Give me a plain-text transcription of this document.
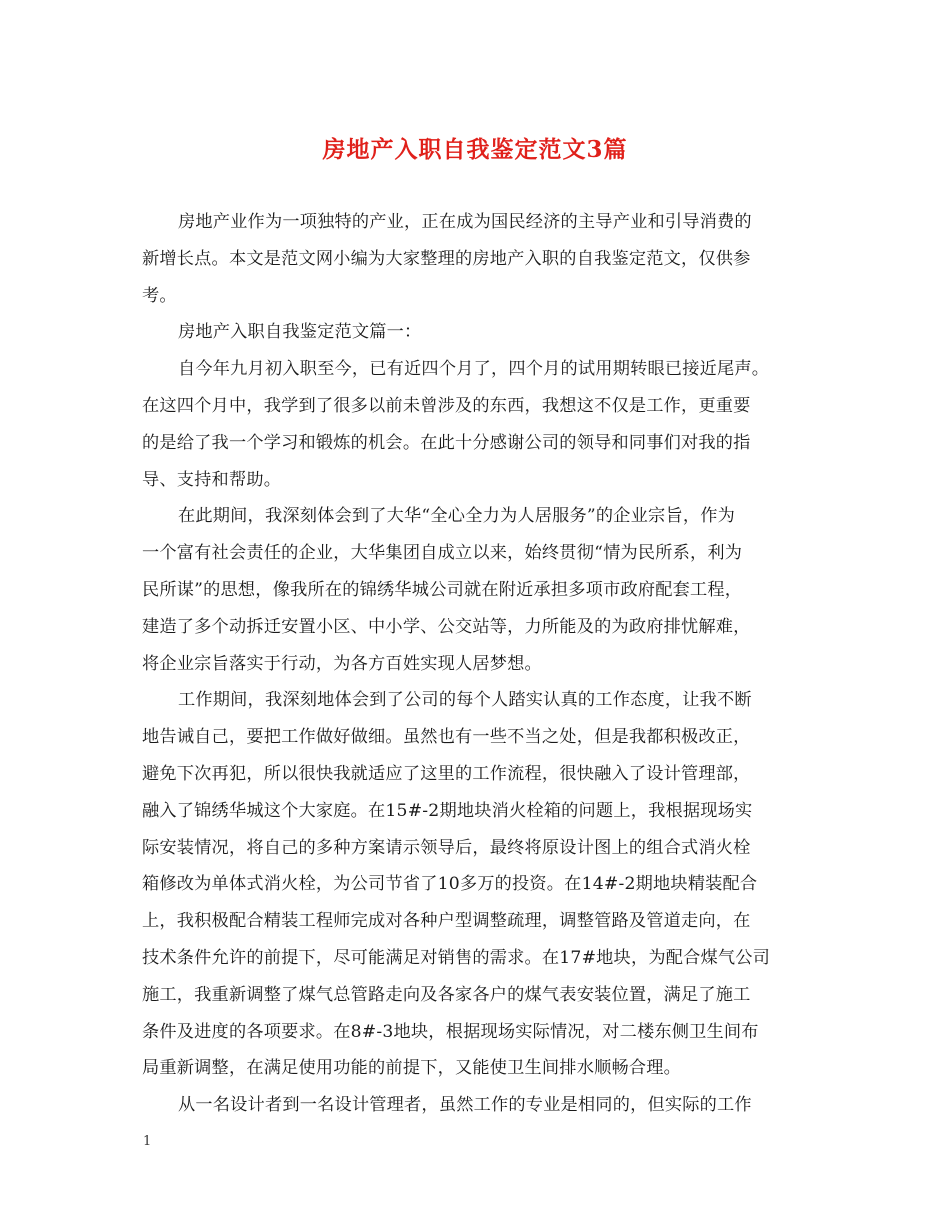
房地产入职自我鉴定范文3篇
房地产业作为一项独特的产业，正在成为国民经济的主导产业和引导消费的
新增长点。本文是范文网小编为大家整理的房地产入职的自我鉴定范文，仅供参
考。
房地产入职自我鉴定范文篇一：
自今年九月初入职至今，已有近四个月了，四个月的试用期转眼已接近尾声。
在这四个月中，我学到了很多以前未曾涉及的东西，我想这不仅是工作，更重要
的是给了我一个学习和锻炼的机会。在此十分感谢公司的领导和同事们对我的指
导、支持和帮助。
在此期间，我深刻体会到了大华“全心全力为人居服务”的企业宗旨，作为
一个富有社会责任的企业，大华集团自成立以来，始终贯彻“情为民所系，利为
民所谋”的思想，像我所在的锦绣华城公司就在附近承担多项市政府配套工程，
建造了多个动拆迁安置小区、中小学、公交站等，力所能及的为政府排忧解难，
将企业宗旨落实于行动，为各方百姓实现人居梦想。
工作期间，我深刻地体会到了公司的每个人踏实认真的工作态度，让我不断
地告诫自己，要把工作做好做细。虽然也有一些不当之处，但是我都积极改正，
避免下次再犯，所以很快我就适应了这里的工作流程，很快融入了设计管理部，
融入了锦绣华城这个大家庭。在15#-2期地块消火栓箱的问题上，我根据现场实
际安装情况，将自己的多种方案请示领导后，最终将原设计图上的组合式消火栓
箱修改为单体式消火栓，为公司节省了10多万的投资。在14#-2期地块精装配合
上，我积极配合精装工程师完成对各种户型调整疏理，调整管路及管道走向，在
技术条件允许的前提下，尽可能满足对销售的需求。在17#地块，为配合煤气公司
施工，我重新调整了煤气总管路走向及各家各户的煤气表安装位置，满足了施工
条件及进度的各项要求。在8#-3地块，根据现场实际情况，对二楼东侧卫生间布
局重新调整，在满足使用功能的前提下，又能使卫生间排水顺畅合理。
从一名设计者到一名设计管理者，虽然工作的专业是相同的，但实际的工作
1
